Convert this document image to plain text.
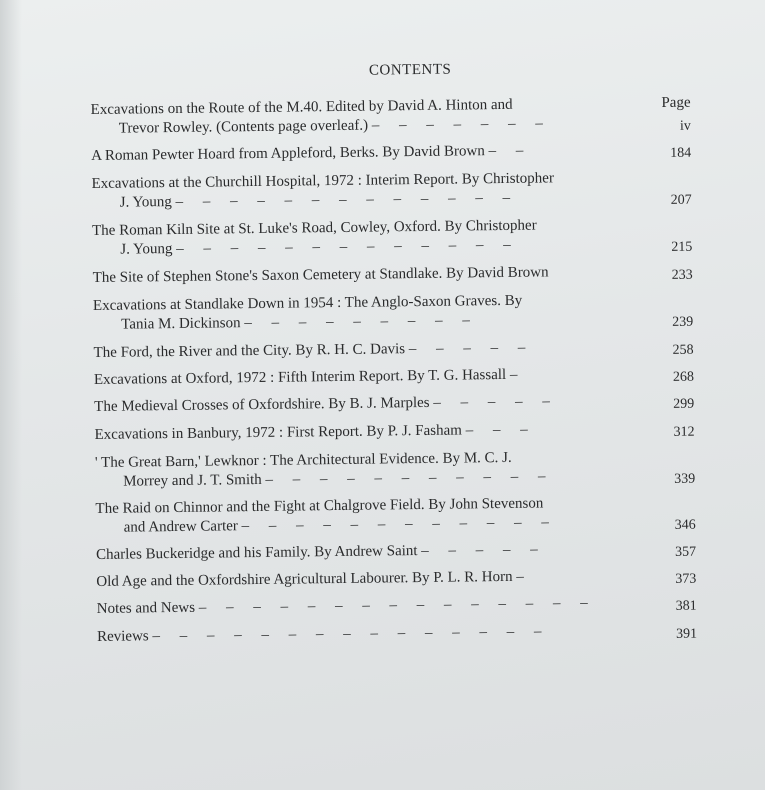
CONTENTS
Page
Excavations on the Route of the M.40. Edited by David A. Hinton and
Trevor Rowley. (Contents page overleaf.) – – – – – – –	iv
A Roman Pewter Hoard from Appleford, Berks. By David Brown – –	184
Excavations at the Churchill Hospital, 1972 : Interim Report. By Christopher
J. Young – – – – – – – – – – – – –	207
The Roman Kiln Site at St. Luke's Road, Cowley, Oxford. By Christopher
J. Young – – – – – – – – – – – – –	215
The Site of Stephen Stone's Saxon Cemetery at Standlake. By David Brown	233
Excavations at Standlake Down in 1954 : The Anglo-Saxon Graves. By
Tania M. Dickinson – – – – – – – – –	239
The Ford, the River and the City. By R. H. C. Davis – – – – –	258
Excavations at Oxford, 1972 : Fifth Interim Report. By T. G. Hassall –	268
The Medieval Crosses of Oxfordshire. By B. J. Marples – – – – –	299
Excavations in Banbury, 1972 : First Report. By P. J. Fasham – – –	312
' The Great Barn,' Lewknor : The Architectural Evidence. By M. C. J.
Morrey and J. T. Smith – – – – – – – – – – –	339
The Raid on Chinnor and the Fight at Chalgrove Field. By John Stevenson
and Andrew Carter – – – – – – – – – – – –	346
Charles Buckeridge and his Family. By Andrew Saint – – – – –	357
Old Age and the Oxfordshire Agricultural Labourer. By P. L. R. Horn –	373
Notes and News – – – – – – – – – – – – – – –	381
Reviews – – – – – – – – – – – – – – –	391
